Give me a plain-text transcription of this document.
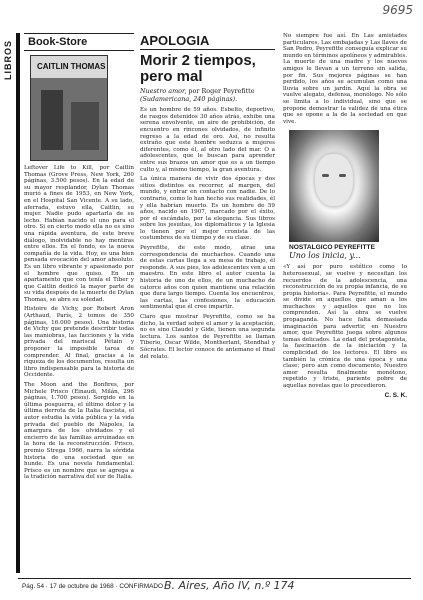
9695
LIBROS	Book-Store
CAITLIN THOMAS

Leftover Life to Kill, por Caitlin Thomas (Grove Press, New York, 260 páginas, 3.500 pesos). En la edad de su mayor resplandor, Dylan Thomas murió a fines de 1953, en New York, en el Hospital San Vicente. A su lado, aferrada, estuvo ella, Caitlin, su mujer. Nadie pudo apartarla de su lecho. Habían nacido el uno para el otro. Si en cierto modo ella no es sino una rápida aventura, de este breve diálogo, inolvidable no hay mentiras entre ellos. En el fondo, es la nueva compañía de la vida. Hoy, es una bien pensada evocación del amor absoluto. Es un libro vibrante y apasionado por el hombre que quiso. En un apartamento que con tenía el Tíber y que Caitlin dedicó la mayor parte de su vida después de la muerte de Dylan Thomas, se abre su soledad.

Histoire de Vichy, por Robert Aron (Arthaud, París, 2 tomos de 350 páginas, 16.000 pesos). Una historia de Vichy que pretende describir todas las maniobras, las facciones y la vida privada del mariscal Pétain y proponer la imposible tarea de comprender. Al final, gracias a la riqueza de los documentos, resulta un libro indispensable para la historia de Occidente.

The Moon and the Bonfires, por Michele Prisco (Einaudi, Milán, 296 páginas, 1.700 pesos). Sorgido en la última posguerra, el último dolor y la última derrota de la Italia fascista, el autor estudia la vida pública y la vida privada del pueblo de Nápoles, la amargura de los olvidados y el encierro de las familias arruinadas en la hora de la reconstrucción. Prisco, premio Strega 1966, narra la sórdida historia de una sociedad que se hunde. Es una novela fundamental. Prisco es un nombre que se agrega a la tradición narrativa del sur de Italia.

APOLOGIA
Morir 2 tiempos, pero mal
Nuestro amor, por Roger Peyrefitte
(Sudamericana, 240 páginas).

Es un hombre de 59 años. Esbelto, deportivo, de rasgos detenidos 30 años atrás, exhibe una serena envolvente, un aire de prohibición, de encuentro en rincones olvidados, de infinito regreso a la edad de oro. Así, no resulta extraño que este hombre seduzca a mujeres diferentes, como él, al otro lado del mar. O a adolescentes, que le buscan para aprender entre sus brazos un amor que es a un tiempo culto y, al mismo tiempo, la gran aventura.

La única manera de vivir dos épocas y dos sitios distintos es recorrer, al margen, del mundo, y entrar en contacto con nadie. De lo contrario, como lo han hecho sus realidades, él y ella habrían muerto. Es un hombre de 59 años, nacido en 1907, marcado por el éxito, por el escándalo, por la elegancia. Sus libros sobre los jesuitas, los diplomáticos y la Iglesia lo tienen por el mejor cronista de las costumbres de su tiempo y de su clase.

Peyrefitte, de este modo, atrae una correspondencia de muchachos. Cuando una de estas cartas llega a su mesa de trabajo, él responde. A sus pies, los adolescentes ven a un maestro. En este libro el autor cuenta la historia de uno de ellos, de un muchacho de catorce años con quien mantiene una relación que dura largo tiempo. Cuenta los encuentros, las cartas, las confesiones, la educación sentimental que él cree impartir.

Claro que mostrar Peyrefitte, como se ha dicho, la verdad sobre el amor y la aceptación, no es sino Claudel y Gide, tienen una segunda lectura. Los santos de Peyrefitte se llaman Tiberio, Oscar Wilde, Montherlant, Stendhal y Sócrates. El lector conoce de antemano el final del relato.

No siempre fue así. En Las amistades particulares, Las embajadas y Las llaves de San Pedro, Peyrefitte conseguía explicar su mundo en términos apolíneos y admirables. La muerte de una madre y los nuevos amigos le llevan a un terreno sin salida, por fin. Sus mejores páginas se han perdido, los años se acumulan como una lluvia sobre un jardín. Aquí la obra se vuelve alegato, defensa, monólogo. No sólo se limita a lo individual, sino que se propone demostrar la validez de una ética que se opone a la de la sociedad en que vive.

NOSTALGICO PEYREFITTE
Uno los inicia, y...

«Y así por puro estético como lo heterosexual, se vuelve y necesitan los recuerdos de la adolescencia, una reconstrucción de su propia infancia, de su propia historia». Para Peyrefitte, el mundo se divide en aquellos que aman a los muchachos y aquellos que no los comprenden. Así la obra se vuelve propaganda. No hace falta demasiada imaginación para advertir, en Nuestro amor, que Peyrefitte juega sobre algunos temas delicados. La edad del protagonista, la fascinación de la iniciación y la complicidad de los lectores. El libro es también la crónica de una época y una clase; pero aun como documento, Nuestro amor resulta finalmente monótono, repetido y triste, pariente pobre de aquellas novelas que lo precedieron.

C. S. K.
Pág. 54 · 17 de octubre de 1968 · CONFIRMADO B. Aires, Año IV, n.º 174
